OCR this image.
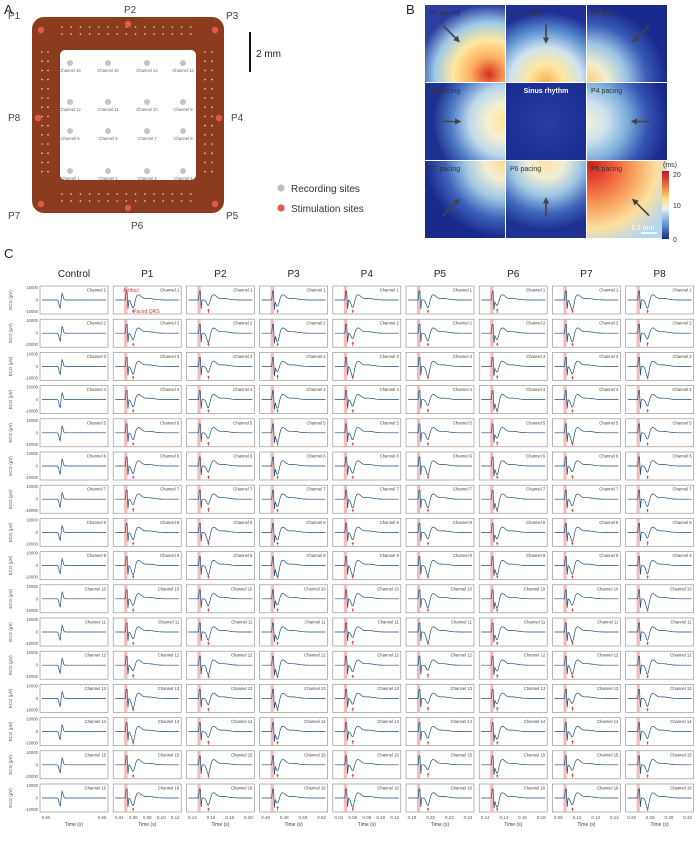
A
Channel 16	Channel 15	Channel 14	Channel 13
Channel 12	Channel 11	Channel 10	Channel 9
Channel 5	Channel 6	Channel 7	Channel 8
Channel 1	Channel 2	Channel 3	Channel 4
2 mm
Recording sites
Stimulation sites
P1
P2
P3
P4
P5
P6
P7
P8
B P1 pacing	P2 pacing	P3 pacing
P8 pacing	Sinus rhythm	P4 pacing
P7 pacing	P6 pacing	P5 pacing
1.2 mm
(ms)
20
10
0
C
Control	P1	P2	P3	P4	P5	P6	P7	P8
ECG (μV)
10000
0
-10000
Channel 1	Channel 1	Channel 1	Channel 1	Channel 1	Channel 1	Channel 1	Channel 1	Channel 1
ECG (μV)
10000
0
-10000
Channel 2	Channel 2	Channel 2	Channel 2	Channel 2	Channel 2	Channel 2	Channel 2	Channel 2
ECG (μV)
10000
0
-10000
Channel 3	Channel 3	Channel 3	Channel 3	Channel 3	Channel 3	Channel 3	Channel 3	Channel 3
ECG (μV)
10000
0
-10000
Channel 4	Channel 4	Channel 4	Channel 4	Channel 4	Channel 4	Channel 4	Channel 4	Channel 4
ECG (μV)
10000
0
-10000
Channel 5	Channel 5	Channel 5	Channel 5	Channel 5	Channel 5	Channel 5	Channel 5	Channel 5
ECG (μV)
10000
0
-10000
Channel 6	Channel 6	Channel 6	Channel 6	Channel 6	Channel 6	Channel 6	Channel 6	Channel 6
ECG (μV)
10000
0
-10000
Channel 7	Channel 7	Channel 7	Channel 7	Channel 7	Channel 7	Channel 7	Channel 7	Channel 7
ECG (μV)
10000
0
-10000
Channel 8	Channel 8	Channel 8	Channel 8	Channel 8	Channel 8	Channel 8	Channel 8	Channel 8
ECG (μV)
10000
0
-10000
Channel 9	Channel 9	Channel 9	Channel 9	Channel 9	Channel 9	Channel 9	Channel 9	Channel 9
ECG (μV)
10000
0
-10000
Channel 10	Channel 10	Channel 10	Channel 10	Channel 10	Channel 10	Channel 10	Channel 10	Channel 10
ECG (μV)
10000
0
-10000
Channel 11	Channel 11	Channel 11	Channel 11	Channel 11	Channel 11	Channel 11	Channel 11	Channel 11
ECG (μV)
10000
0
-10000
Channel 12	Channel 12	Channel 12	Channel 12	Channel 12	Channel 12	Channel 12	Channel 12	Channel 12
ECG (μV)
10000
0
-10000
Channel 13	Channel 13	Channel 13	Channel 13	Channel 13	Channel 13	Channel 13	Channel 13	Channel 13
ECG (μV)
10000
0
-10000
Channel 14	Channel 14	Channel 14	Channel 14	Channel 14	Channel 14	Channel 14	Channel 14	Channel 14
ECG (μV)
10000
0
-10000
Channel 15	Channel 15	Channel 15	Channel 15	Channel 15	Channel 15	Channel 15	Channel 15	Channel 15
ECG (μV)
10000
0
-10000
Channel 16	Channel 16	Channel 16	Channel 16	Channel 16	Channel 16	Channel 16	Channel 16	Channel 16
Artifact
Paced QRS
0.60	0.65
Time (s)
0.04 0.06 0.08 0.10 0.12
Time (s)
0.14 0.16 0.18 0.20
Time (s)
0.46 0.48 0.50 0.52
Time (s)
0.04 0.06 0.08 0.10 0.12
Time (s)
0.18 0.20 0.22 0.24
Time (s)
0.12 0.14 0.16 0.18
Time (s)
0.08 0.10 0.12 0.14
Time (s)
0.26 0.28 0.30 0.32
Time (s)
